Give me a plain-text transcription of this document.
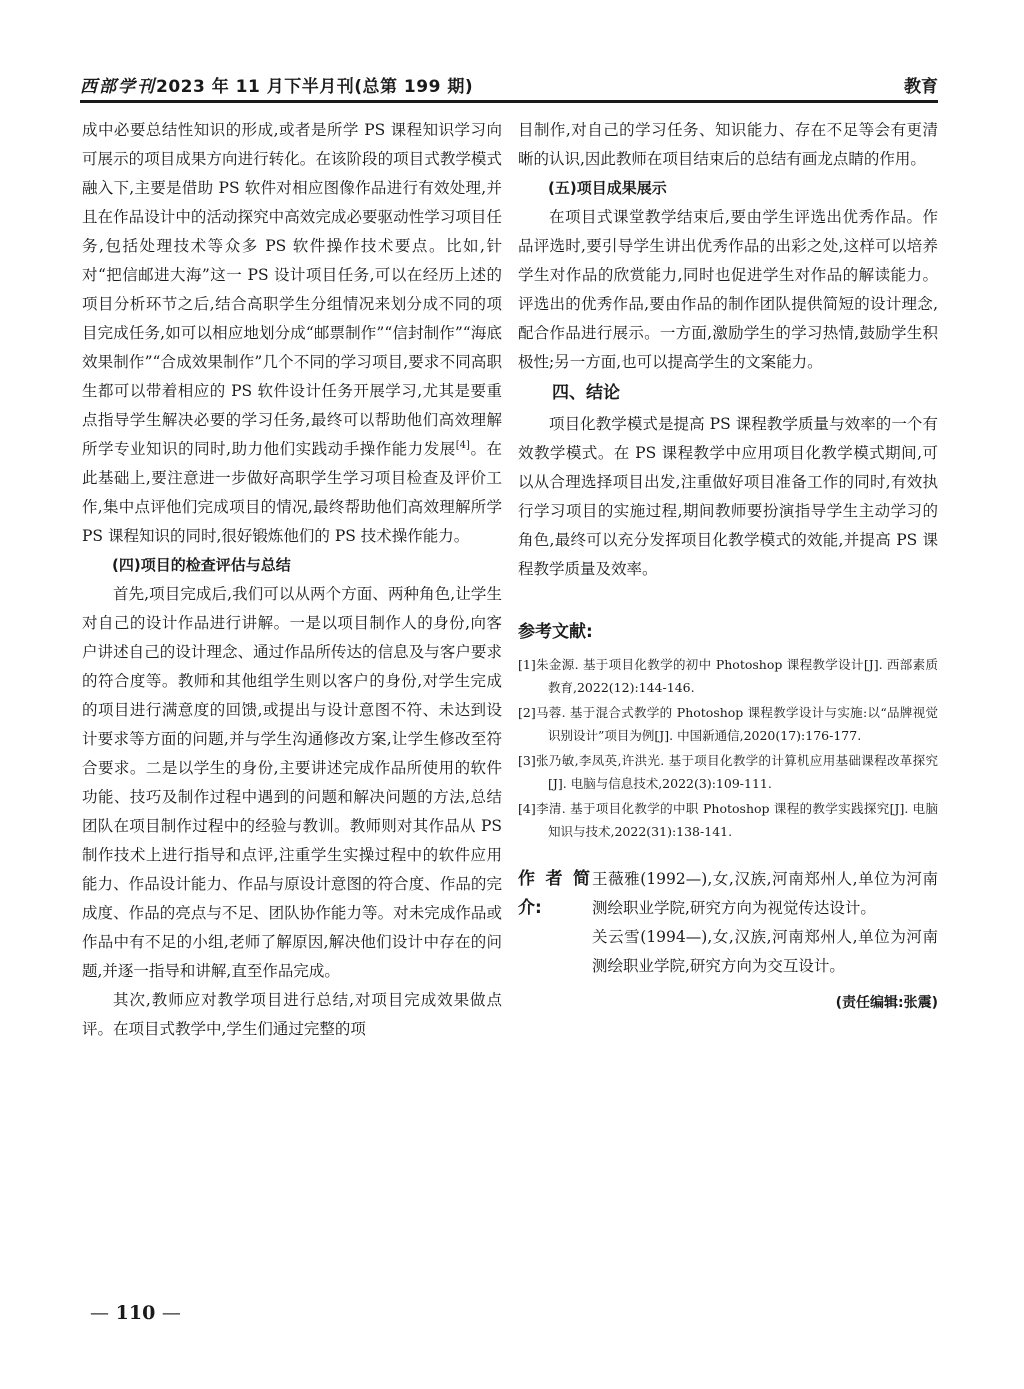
西部学刊2023 年 11 月下半月刊(总第 199 期)	教育

成中必要总结性知识的形成,或者是所学 PS 课程知识学习向可展示的项目成果方向进行转化。在该阶段的项目式教学模式融入下,主要是借助 PS 软件对相应图像作品进行有效处理,并且在作品设计中的活动探究中高效完成必要驱动性学习项目任务,包括处理技术等众多 PS 软件操作技术要点。比如,针对“把信邮进大海”这一 PS 设计项目任务,可以在经历上述的项目分析环节之后,结合高职学生分组情况来划分成不同的项目完成任务,如可以相应地划分成“邮票制作”“信封制作”“海底效果制作”“合成效果制作”几个不同的学习项目,要求不同高职生都可以带着相应的 PS 软件设计任务开展学习,尤其是要重点指导学生解决必要的学习任务,最终可以帮助他们高效理解所学专业知识的同时,助力他们实践动手操作能力发展[4]。在此基础上,要注意进一步做好高职学生学习项目检查及评价工作,集中点评他们完成项目的情况,最终帮助他们高效理解所学 PS 课程知识的同时,很好锻炼他们的 PS 技术操作能力。

(四)项目的检查评估与总结

首先,项目完成后,我们可以从两个方面、两种角色,让学生对自己的设计作品进行讲解。一是以项目制作人的身份,向客户讲述自己的设计理念、通过作品所传达的信息及与客户要求的符合度等。教师和其他组学生则以客户的身份,对学生完成的项目进行满意度的回馈,或提出与设计意图不符、未达到设计要求等方面的问题,并与学生沟通修改方案,让学生修改至符合要求。二是以学生的身份,主要讲述完成作品所使用的软件功能、技巧及制作过程中遇到的问题和解决问题的方法,总结团队在项目制作过程中的经验与教训。教师则对其作品从 PS 制作技术上进行指导和点评,注重学生实操过程中的软件应用能力、作品设计能力、作品与原设计意图的符合度、作品的完成度、作品的亮点与不足、团队协作能力等。对未完成作品或作品中有不足的小组,老师了解原因,解决他们设计中存在的问题,并逐一指导和讲解,直至作品完成。

其次,教师应对教学项目进行总结,对项目完成效果做点评。在项目式教学中,学生们通过完整的项

目制作,对自己的学习任务、知识能力、存在不足等会有更清晰的认识,因此教师在项目结束后的总结有画龙点睛的作用。

(五)项目成果展示

在项目式课堂教学结束后,要由学生评选出优秀作品。作品评选时,要引导学生讲出优秀作品的出彩之处,这样可以培养学生对作品的欣赏能力,同时也促进学生对作品的解读能力。评选出的优秀作品,要由作品的制作团队提供简短的设计理念,配合作品进行展示。一方面,激励学生的学习热情,鼓励学生积极性;另一方面,也可以提高学生的文案能力。

四、结论

项目化教学模式是提高 PS 课程教学质量与效率的一个有效教学模式。在 PS 课程教学中应用项目化教学模式期间,可以从合理选择项目出发,注重做好项目准备工作的同时,有效执行学习项目的实施过程,期间教师要扮演指导学生主动学习的角色,最终可以充分发挥项目化教学模式的效能,并提高 PS 课程教学质量及效率。

参考文献:
[1]朱金源. 基于项目化教学的初中 Photoshop 课程教学设计[J]. 西部素质教育,2022(12):144-146.
[2]马蓉. 基于混合式教学的 Photoshop 课程教学设计与实施:以“品牌视觉识别设计”项目为例[J]. 中国新通信,2020(17):176-177.
[3]张乃敏,李凤英,许洪光. 基于项目化教学的计算机应用基础课程改革探究[J]. 电脑与信息技术,2022(3):109-111.
[4]李清. 基于项目化教学的中职 Photoshop 课程的教学实践探究[J]. 电脑知识与技术,2022(31):138-141.
作者简介:

王薇雅(1992—),女,汉族,河南郑州人,单位为河南测绘职业学院,研究方向为视觉传达设计。

关云雪(1994—),女,汉族,河南郑州人,单位为河南测绘职业学院,研究方向为交互设计。

(责任编辑:张震)
— 110 —
